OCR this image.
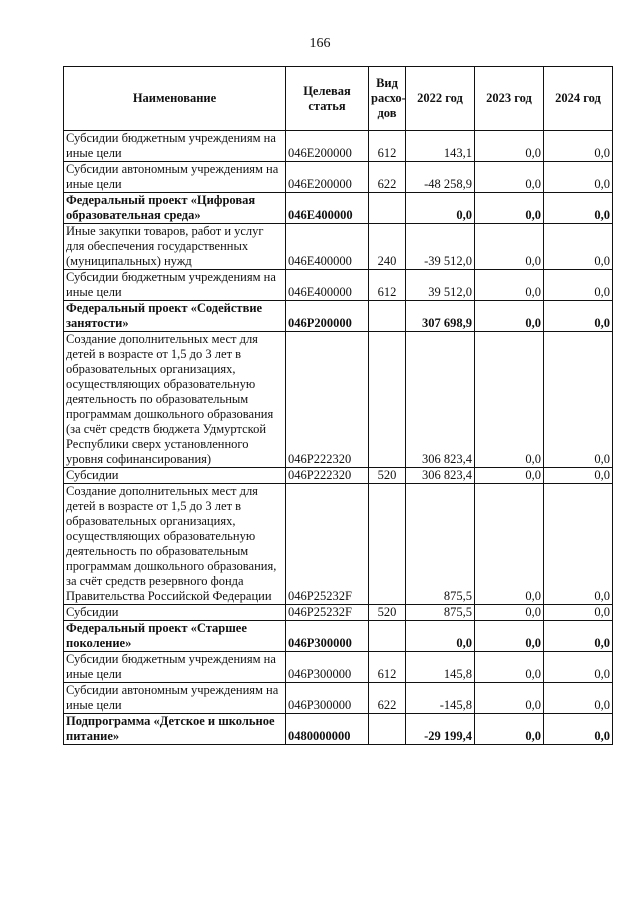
166
Наименование	Целевая статья	Вид расхо-дов	2022 год	2023 год	2024 год
Субсидии бюджетным учреждениям на иные цели	046Е200000	612	143,1	0,0	0,0
Субсидии автономным учреждениям на иные цели	046Е200000	622	-48 258,9	0,0	0,0
Федеральный проект «Цифровая образовательная среда»	046Е400000		0,0	0,0	0,0
Иные закупки товаров, работ и услуг для обеспечения государственных (муниципальных) нужд	046Е400000	240	-39 512,0	0,0	0,0
Субсидии бюджетным учреждениям на иные цели	046Е400000	612	39 512,0	0,0	0,0
Федеральный проект «Содействие занятости»	046Р200000		307 698,9	0,0	0,0
Создание дополнительных мест для детей в возрасте от 1,5 до 3 лет в образовательных организациях, осуществляющих образовательную деятельность по образовательным программам дошкольного образования (за счёт средств бюджета Удмуртской Республики сверх установленного уровня софинансирования)	046Р222320		306 823,4	0,0	0,0
Субсидии	046Р222320	520	306 823,4	0,0	0,0
Создание дополнительных мест для детей в возрасте от 1,5 до 3 лет в образовательных организациях, осуществляющих образовательную деятельность по образовательным программам дошкольного образования, за счёт средств резервного фонда Правительства Российской Федерации	046Р25232F		875,5	0,0	0,0
Субсидии	046Р25232F	520	875,5	0,0	0,0
Федеральный проект «Старшее поколение»	046Р300000		0,0	0,0	0,0
Субсидии бюджетным учреждениям на иные цели	046Р300000	612	145,8	0,0	0,0
Субсидии автономным учреждениям на иные цели	046Р300000	622	-145,8	0,0	0,0
Подпрограмма «Детское и школьное питание»	0480000000		-29 199,4	0,0	0,0
